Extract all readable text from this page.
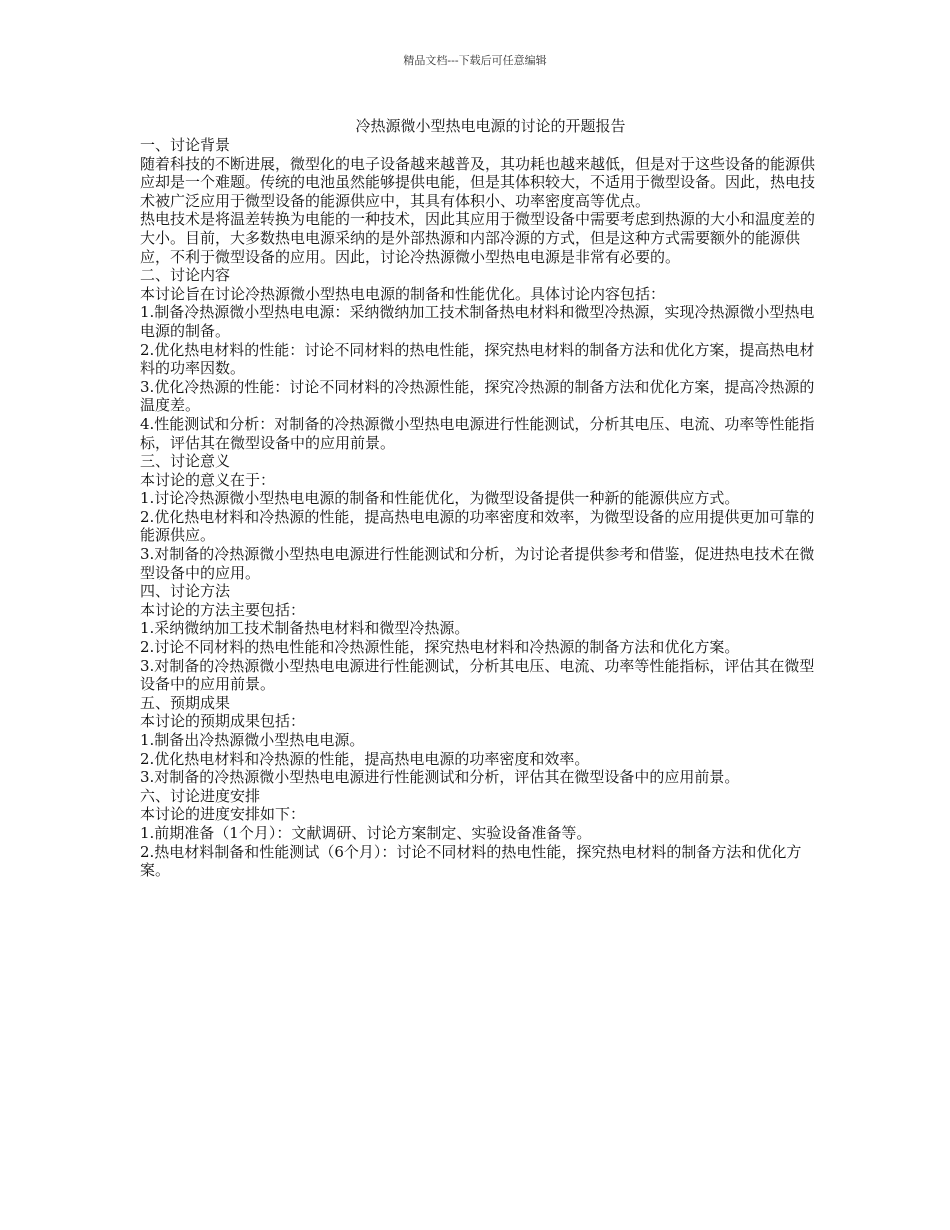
精品文档---下载后可任意编辑
冷热源微小型热电电源的讨论的开题报告

一、讨论背景

随着科技的不断进展，微型化的电子设备越来越普及，其功耗也越来越低，但是对于这些设备的能源供应却是一个难题。传统的电池虽然能够提供电能，但是其体积较大，不适用于微型设备。因此，热电技术被广泛应用于微型设备的能源供应中，其具有体积小、功率密度高等优点。

热电技术是将温差转换为电能的一种技术，因此其应用于微型设备中需要考虑到热源的大小和温度差的大小。目前，大多数热电电源采纳的是外部热源和内部冷源的方式，但是这种方式需要额外的能源供应，不利于微型设备的应用。因此，讨论冷热源微小型热电电源是非常有必要的。

二、讨论内容

本讨论旨在讨论冷热源微小型热电电源的制备和性能优化。具体讨论内容包括：

1.制备冷热源微小型热电电源：采纳微纳加工技术制备热电材料和微型冷热源，实现冷热源微小型热电电源的制备。

2.优化热电材料的性能：讨论不同材料的热电性能，探究热电材料的制备方法和优化方案，提高热电材料的功率因数。

3.优化冷热源的性能：讨论不同材料的冷热源性能，探究冷热源的制备方法和优化方案，提高冷热源的温度差。

4.性能测试和分析：对制备的冷热源微小型热电电源进行性能测试，分析其电压、电流、功率等性能指标，评估其在微型设备中的应用前景。

三、讨论意义

本讨论的意义在于：

1.讨论冷热源微小型热电电源的制备和性能优化，为微型设备提供一种新的能源供应方式。

2.优化热电材料和冷热源的性能，提高热电电源的功率密度和效率，为微型设备的应用提供更加可靠的能源供应。

3.对制备的冷热源微小型热电电源进行性能测试和分析，为讨论者提供参考和借鉴，促进热电技术在微型设备中的应用。

四、讨论方法

本讨论的方法主要包括：

1.采纳微纳加工技术制备热电材料和微型冷热源。

2.讨论不同材料的热电性能和冷热源性能，探究热电材料和冷热源的制备方法和优化方案。

3.对制备的冷热源微小型热电电源进行性能测试，分析其电压、电流、功率等性能指标，评估其在微型设备中的应用前景。

五、预期成果

本讨论的预期成果包括：

1.制备出冷热源微小型热电电源。

2.优化热电材料和冷热源的性能，提高热电电源的功率密度和效率。

3.对制备的冷热源微小型热电电源进行性能测试和分析，评估其在微型设备中的应用前景。

六、讨论进度安排

本讨论的进度安排如下：

1.前期准备（1个月）：文献调研、讨论方案制定、实验设备准备等。

2.热电材料制备和性能测试（6个月）：讨论不同材料的热电性能，探究热电材料的制备方法和优化方案。
